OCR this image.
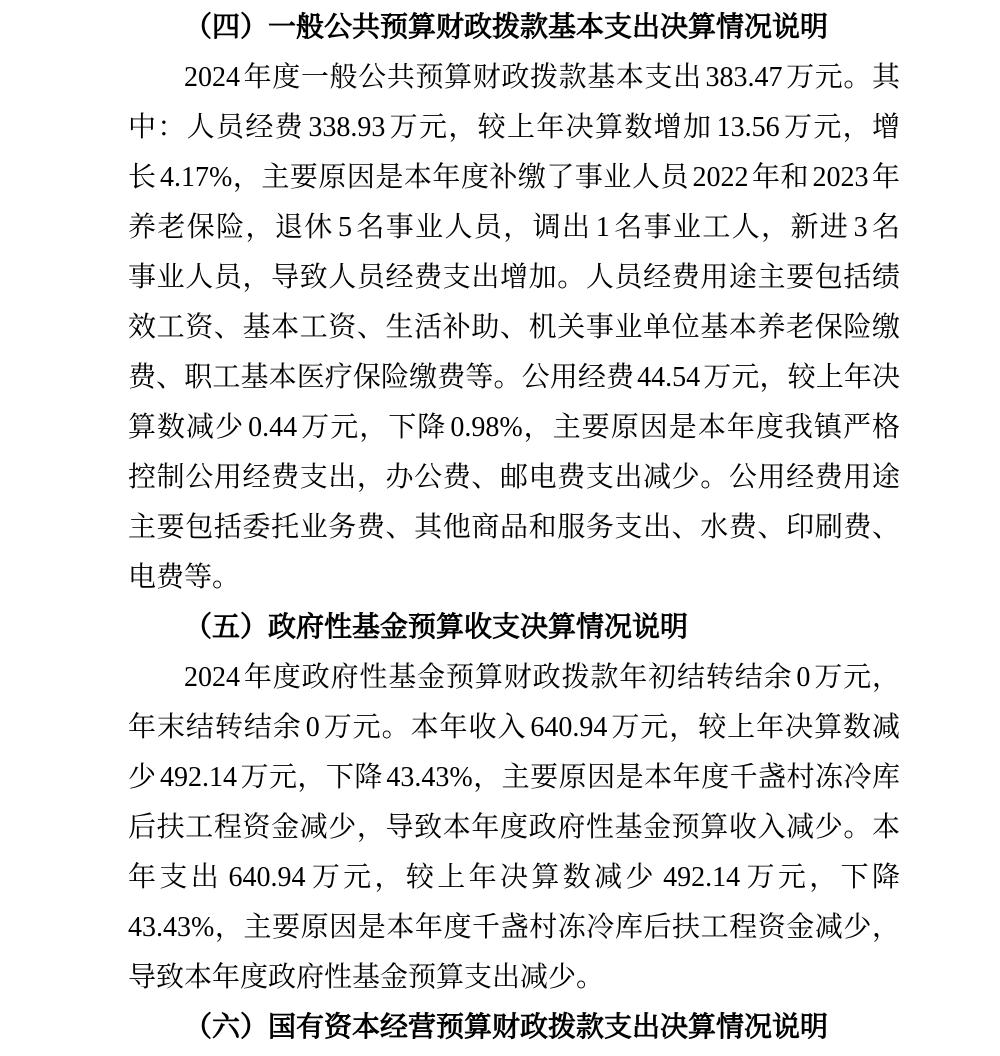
（四）一般公共预算财政拨款基本支出决算情况说明
2024 年度一般公共预算财政拨款基本支出 383.47 万元。其
中：人员经费 338.93 万元，较上年决算数增加 13.56 万元，增
长 4.17%，主要原因是本年度补缴了事业人员 2022 年和 2023 年
养老保险，退休 5 名事业人员，调出 1 名事业工人，新进 3 名
事业人员，导致人员经费支出增加。人员经费用途主要包括绩
效工资、基本工资、生活补助、机关事业单位基本养老保险缴
费、职工基本医疗保险缴费等。公用经费 44.54 万元，较上年决
算数减少 0.44 万元，下降 0.98%，主要原因是本年度我镇严格
控制公用经费支出，办公费、邮电费支出减少。公用经费用途
主要包括委托业务费、其他商品和服务支出、水费、印刷费、
电费等。
（五）政府性基金预算收支决算情况说明
2024 年度政府性基金预算财政拨款年初结转结余 0 万元，
年末结转结余 0 万元。本年收入 640.94 万元，较上年决算数减
少 492.14 万元，下降 43.43%，主要原因是本年度千盏村冻冷库
后扶工程资金减少，导致本年度政府性基金预算收入减少。本
年支出 640.94 万元，较上年决算数减少 492.14 万元，下降
43.43%，主要原因是本年度千盏村冻冷库后扶工程资金减少，
导致本年度政府性基金预算支出减少。
（六）国有资本经营预算财政拨款支出决算情况说明
